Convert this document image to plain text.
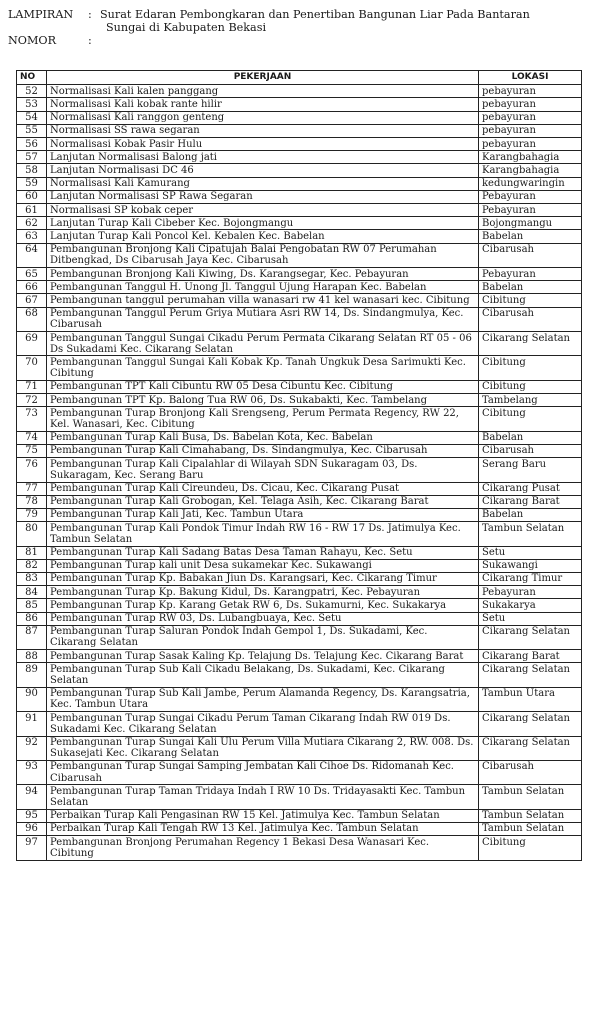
LAMPIRAN	: Surat Edaran Pembongkaran dan Penertiban Bangunan Liar Pada Bantaran
Sungai di Kabupaten Bekasi
NOMOR	:
NO	PEKERJAAN	LOKASI
52	Normalisasi Kali kalen panggang	pebayuran
53	Normalisasi Kali kobak rante hilir	pebayuran
54	Normalisasi Kali ranggon genteng	pebayuran
55	Normalisasi SS rawa segaran	pebayuran
56	Normalisasi Kobak Pasir Hulu	pebayuran
57	Lanjutan Normalisasi Balong jati	Karangbahagia
58	Lanjutan Normalisasi DC 46	Karangbahagia
59	Normalisasi Kali Kamurang	kedungwaringin
60	Lanjutan Normalisasi SP Rawa Segaran	Pebayuran
61	Normalisasi SP kobak ceper	Pebayuran
62	Lanjutan Turap Kali Cibeber Kec. Bojongmangu	Bojongmangu
63	Lanjutan Turap Kali Poncol Kel. Kebalen Kec. Babelan	Babelan
64	Pembangunan Bronjong Kali Cipatujah Balai Pengobatan RW 07 Perumahan Ditbengkad, Ds Cibarusah Jaya Kec. Cibarusah	Cibarusah
65	Pembangunan Bronjong Kali Kiwing, Ds. Karangsegar, Kec. Pebayuran	Pebayuran
66	Pembangunan Tanggul H. Unong Jl. Tanggul Ujung Harapan Kec. Babelan	Babelan
67	Pembangunan tanggul perumahan villa wanasari rw 41 kel wanasari kec. Cibitung	Cibitung
68	Pembangunan Tanggul Perum Griya Mutiara Asri RW 14, Ds. Sindangmulya, Kec. Cibarusah	Cibarusah
69	Pembangunan Tanggul Sungai Cikadu Perum Permata Cikarang Selatan RT 05 - 06 Ds Sukadami Kec. Cikarang Selatan	Cikarang Selatan
70	Pembangunan Tanggul Sungai Kali Kobak Kp. Tanah Ungkuk Desa Sarimukti Kec. Cibitung	Cibitung
71	Pembangunan TPT Kali Cibuntu RW 05 Desa Cibuntu Kec. Cibitung	Cibitung
72	Pembangunan TPT Kp. Balong Tua RW 06, Ds. Sukabakti, Kec. Tambelang	Tambelang
73	Pembangunan Turap Bronjong Kali Srengseng, Perum Permata Regency, RW 22, Kel. Wanasari, Kec. Cibitung	Cibitung
74	Pembangunan Turap Kali Busa, Ds. Babelan Kota, Kec. Babelan	Babelan
75	Pembangunan Turap Kali Cimahabang, Ds. Sindangmulya, Kec. Cibarusah	Cibarusah
76	Pembangunan Turap Kali Cipalahlar di Wilayah SDN Sukaragam 03, Ds. Sukaragam, Kec. Serang Baru	Serang Baru
77	Pembangunan Turap Kali Cireundeu, Ds. Cicau, Kec. Cikarang Pusat	Cikarang Pusat
78	Pembangunan Turap Kali Grobogan, Kel. Telaga Asih, Kec. Cikarang Barat	Cikarang Barat
79	Pembangunan Turap Kali Jati, Kec. Tambun Utara	Babelan
80	Pembangunan Turap Kali Pondok Timur Indah RW 16 - RW 17 Ds. Jatimulya Kec. Tambun Selatan	Tambun Selatan
81	Pembangunan Turap Kali Sadang Batas Desa Taman Rahayu, Kec. Setu	Setu
82	Pembangunan Turap kali unit Desa sukamekar Kec. Sukawangi	Sukawangi
83	Pembangunan Turap Kp. Babakan Jiun Ds. Karangsari, Kec. Cikarang Timur	Cikarang Timur
84	Pembangunan Turap Kp. Bakung Kidul, Ds. Karangpatri, Kec. Pebayuran	Pebayuran
85	Pembangunan Turap Kp. Karang Getak RW 6, Ds. Sukamurni, Kec. Sukakarya	Sukakarya
86	Pembangunan Turap RW 03, Ds. Lubangbuaya, Kec. Setu	Setu
87	Pembangunan Turap Saluran Pondok Indah Gempol 1, Ds. Sukadami, Kec. Cikarang Selatan	Cikarang Selatan
88	Pembangunan Turap Sasak Kaling Kp. Telajung Ds. Telajung Kec. Cikarang Barat	Cikarang Barat
89	Pembangunan Turap Sub Kali Cikadu Belakang, Ds. Sukadami, Kec. Cikarang Selatan	Cikarang Selatan
90	Pembangunan Turap Sub Kali Jambe, Perum Alamanda Regency, Ds. Karangsatria, Kec. Tambun Utara	Tambun Utara
91	Pembangunan Turap Sungai Cikadu Perum Taman Cikarang Indah RW 019 Ds. Sukadami Kec. Cikarang Selatan	Cikarang Selatan
92	Pembangunan Turap Sungai Kali Ulu Perum Villa Mutiara Cikarang 2, RW. 008. Ds. Sukasejati Kec. Cikarang Selatan	Cikarang Selatan
93	Pembangunan Turap Sungai Samping Jembatan Kali Cihoe Ds. Ridomanah Kec. Cibarusah	Cibarusah
94	Pembangunan Turap Taman Tridaya Indah I RW 10 Ds. Tridayasakti Kec. Tambun Selatan	Tambun Selatan
95	Perbaikan Turap Kali Pengasinan RW 15 Kel. Jatimulya Kec. Tambun Selatan	Tambun Selatan
96	Perbaikan Turap Kali Tengah RW 13 Kel. Jatimulya Kec. Tambun Selatan	Tambun Selatan
97	Pembangunan Bronjong Perumahan Regency 1 Bekasi Desa Wanasari Kec. Cibitung	Cibitung
